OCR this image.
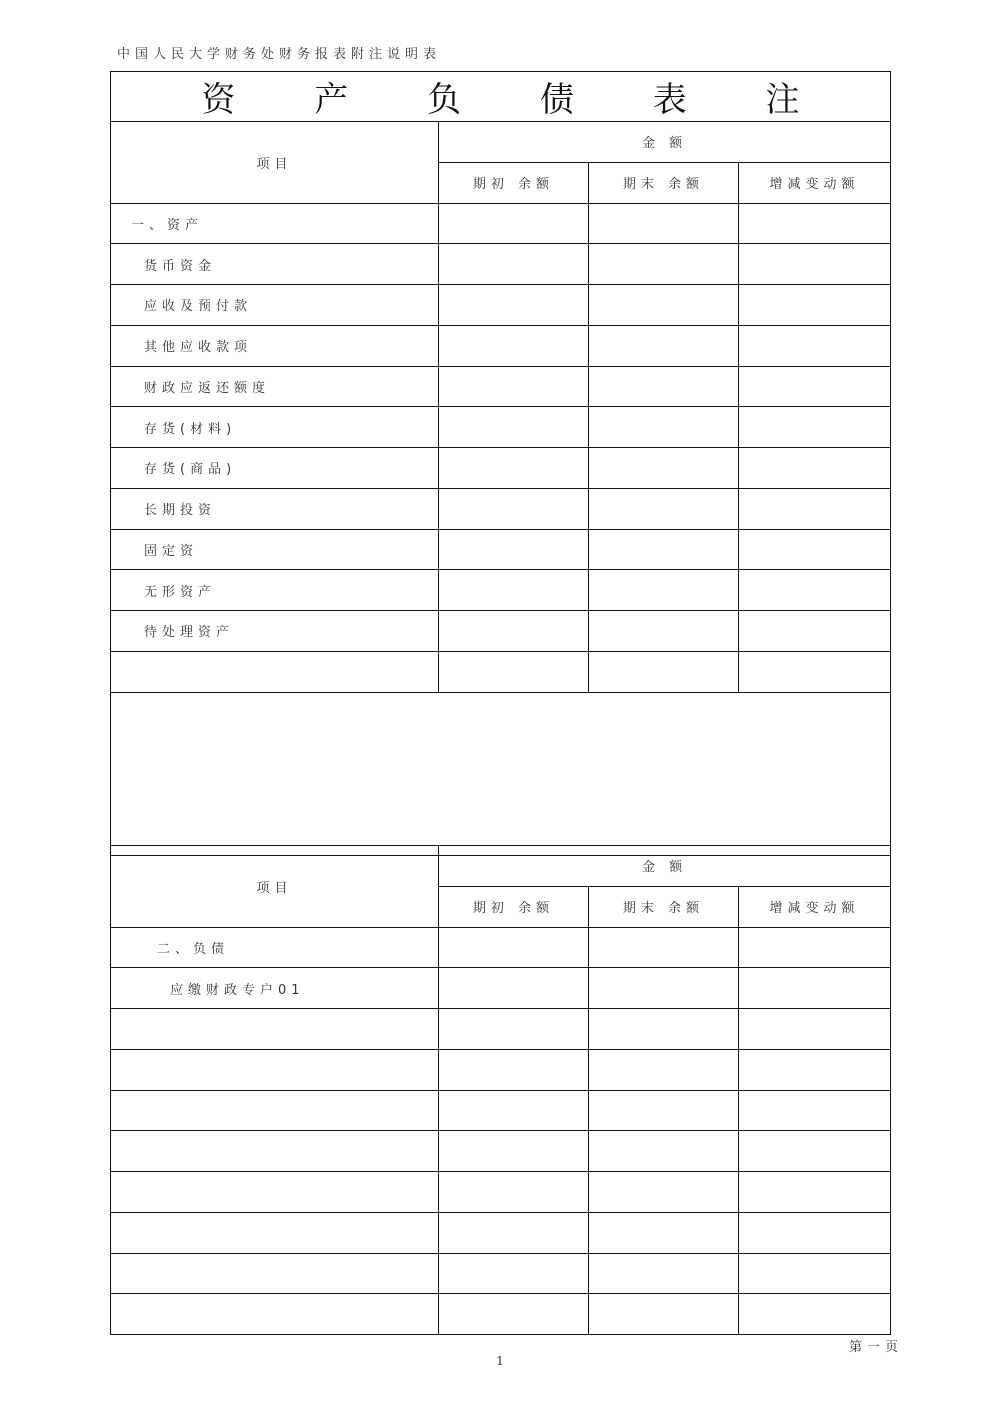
中国人民大学财务处财务报表附注说明表
资 产 负 债 表 注			
项目	金 额		
	期初 余额	期末 余额	增减变动额
一、资产			
货币资金			
应收及预付款			
其他应收款项			
财政应返还额度			
存货(材料)			
存货(商品)			
长期投资			
固定资			
无形资产			
待处理资产			

项目	金 额		
	期初 余额	期末 余额	增减变动额
二、负债			
应缴财政专户01			

第一页
1
